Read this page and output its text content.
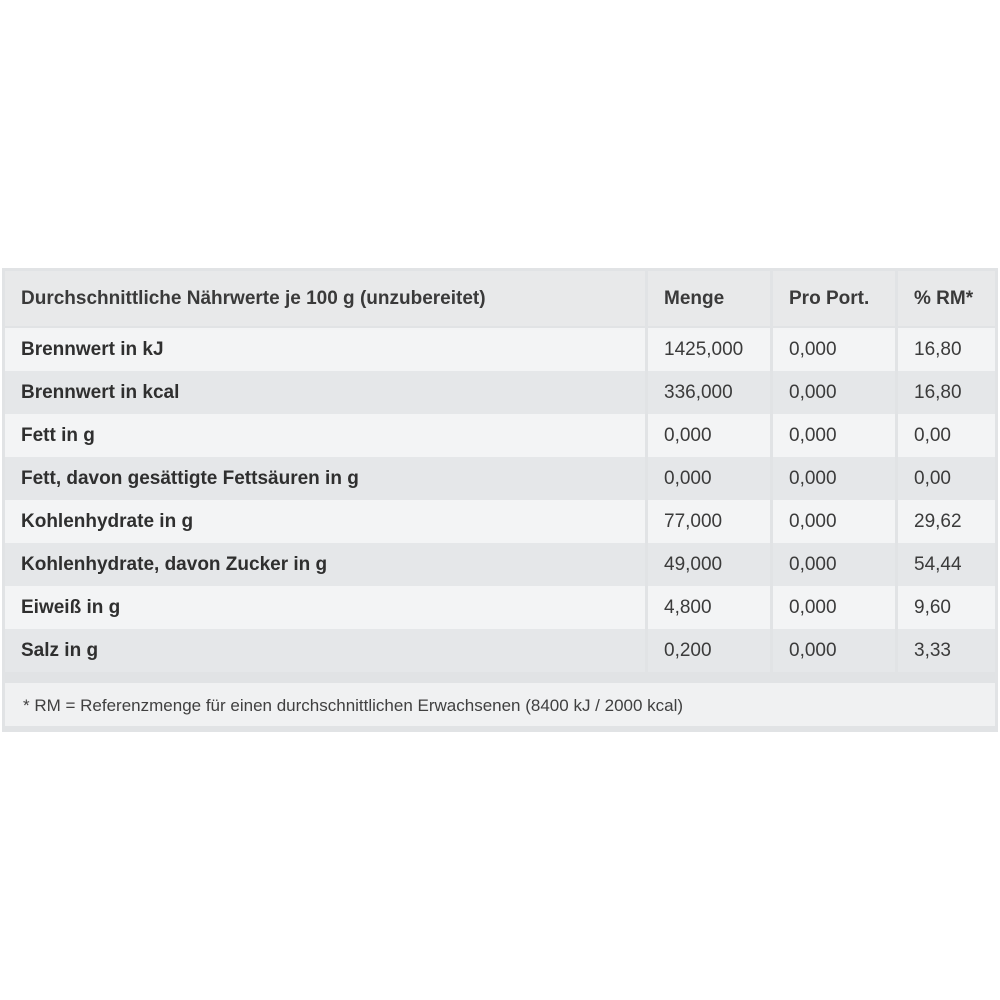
Durchschnittliche Nährwerte je 100 g (unzubereitet)	Menge	Pro Port.	% RM*
Brennwert in kJ	1425,000	0,000	16,80
Brennwert in kcal	336,000	0,000	16,80
Fett in g	0,000	0,000	0,00
Fett, davon gesättigte Fettsäuren in g	0,000	0,000	0,00
Kohlenhydrate in g	77,000	0,000	29,62
Kohlenhydrate, davon Zucker in g	49,000	0,000	54,44
Eiweiß in g	4,800	0,000	9,60
Salz in g	0,200	0,000	3,33
* RM = Referenzmenge für einen durchschnittlichen Erwachsenen (8400 kJ / 2000 kcal)
